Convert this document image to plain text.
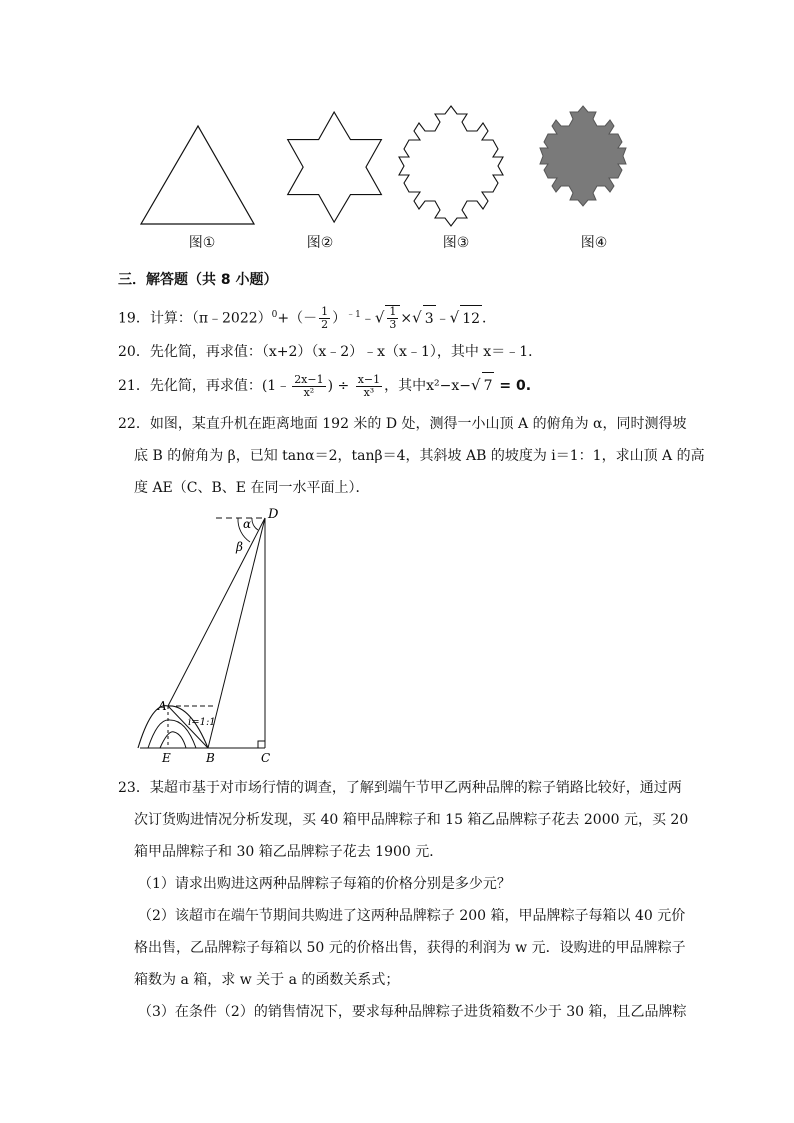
图①	图②	图③	图④
三．解答题（共 8 小题）
19．计算：（π﹣2022）$^0$+（－ $\frac{1}{2}$ ）$^{﹣1}$﹣√ $\frac{1}{3}$ ×√ 3 ﹣√ 12 ．
20．先化简，再求值：（x+2）（x﹣2）﹣x（x﹣1），其中 x＝﹣1．
21．先化简，再求值：(1﹣ $\frac{2x-1}{\text{x²}}$ ) ÷ $\frac{x-1}{\text{x³}}$ ，其中x²−x−√ 7 = 0.
22．如图，某直升机在距离地面 192 米的 D 处，测得一小山顶 A 的俯角为 α，同时测得坡
底 B 的俯角为 β，已知 tanα＝2，tanβ＝4，其斜坡 AB 的坡度为 i＝1：1，求山顶 A 的高
度 AE（C、B、E 在同一水平面上）．
D
α
β
A
i=1:1
E	B	C
23．某超市基于对市场行情的调查，了解到端午节甲乙两种品牌的粽子销路比较好，通过两
次订货购进情况分析发现，买 40 箱甲品牌粽子和 15 箱乙品牌粽子花去 2000 元，买 20
箱甲品牌粽子和 30 箱乙品牌粽子花去 1900 元．
（1）请求出购进这两种品牌粽子每箱的价格分别是多少元？
（2）该超市在端午节期间共购进了这两种品牌粽子 200 箱，甲品牌粽子每箱以 40 元价
格出售，乙品牌粽子每箱以 50 元的价格出售，获得的利润为 w 元．设购进的甲品牌粽子
箱数为 a 箱，求 w 关于 a 的函数关系式；
（3）在条件（2）的销售情况下，要求每种品牌粽子进货箱数不少于 30 箱，且乙品牌粽
